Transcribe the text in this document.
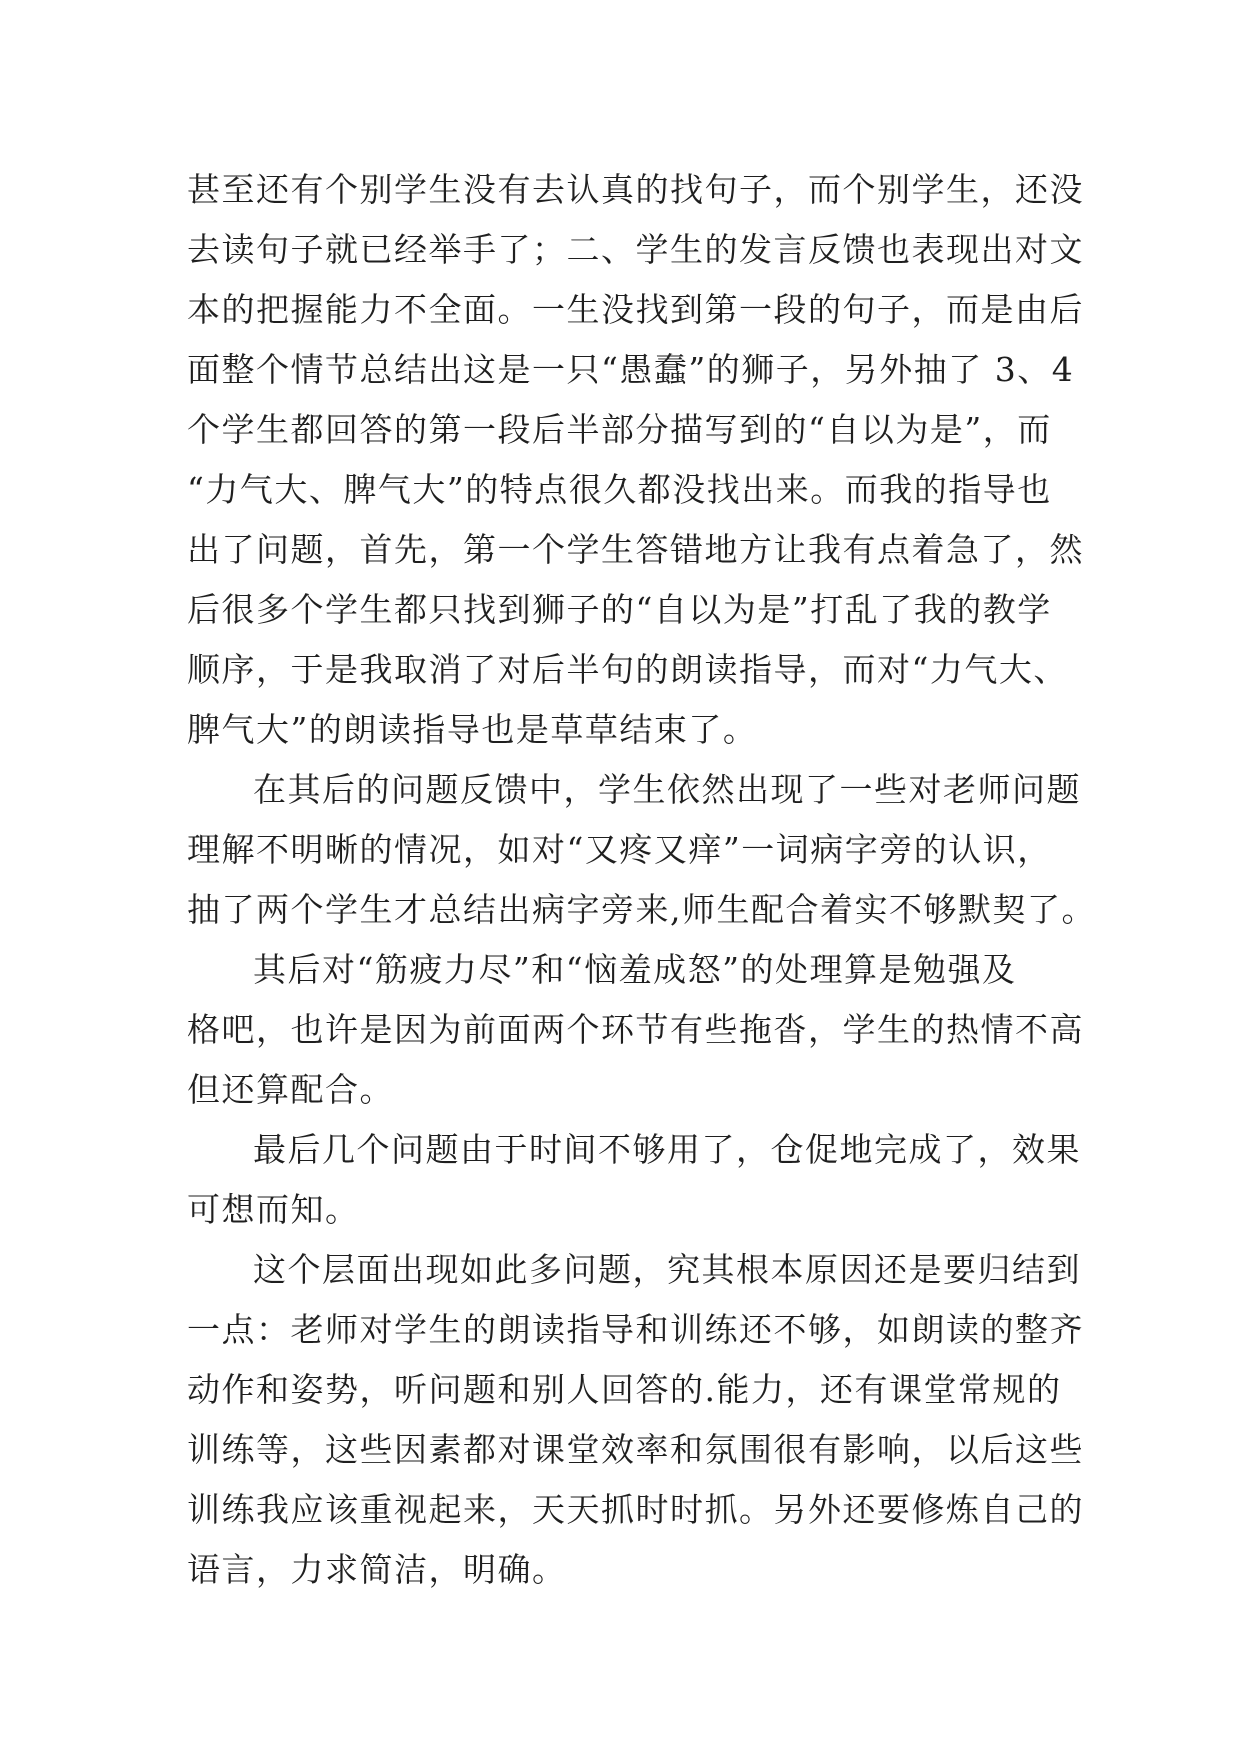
甚至还有个别学生没有去认真的找句子，而个别学生，还没
去读句子就已经举手了；二、学生的发言反馈也表现出对文
本的把握能力不全面。一生没找到第一段的句子，而是由后
面整个情节总结出这是一只“愚蠢”的狮子，另外抽了 3、4
个学生都回答的第一段后半部分描写到的“自以为是”，而
“力气大、脾气大”的特点很久都没找出来。而我的指导也
出了问题，首先，第一个学生答错地方让我有点着急了，然
后很多个学生都只找到狮子的“自以为是”打乱了我的教学
顺序，于是我取消了对后半句的朗读指导，而对“力气大、
脾气大”的朗读指导也是草草结束了。
在其后的问题反馈中，学生依然出现了一些对老师问题
理解不明晰的情况，如对“又疼又痒”一词病字旁的认识，
抽了两个学生才总结出病字旁来,师生配合着实不够默契了。
其后对“筋疲力尽”和“恼羞成怒”的处理算是勉强及
格吧，也许是因为前面两个环节有些拖沓，学生的热情不高
但还算配合。
最后几个问题由于时间不够用了，仓促地完成了，效果
可想而知。
这个层面出现如此多问题，究其根本原因还是要归结到
一点：老师对学生的朗读指导和训练还不够，如朗读的整齐
动作和姿势，听问题和别人回答的.能力，还有课堂常规的
训练等，这些因素都对课堂效率和氛围很有影响，以后这些
训练我应该重视起来，天天抓时时抓。另外还要修炼自己的
语言，力求简洁，明确。
